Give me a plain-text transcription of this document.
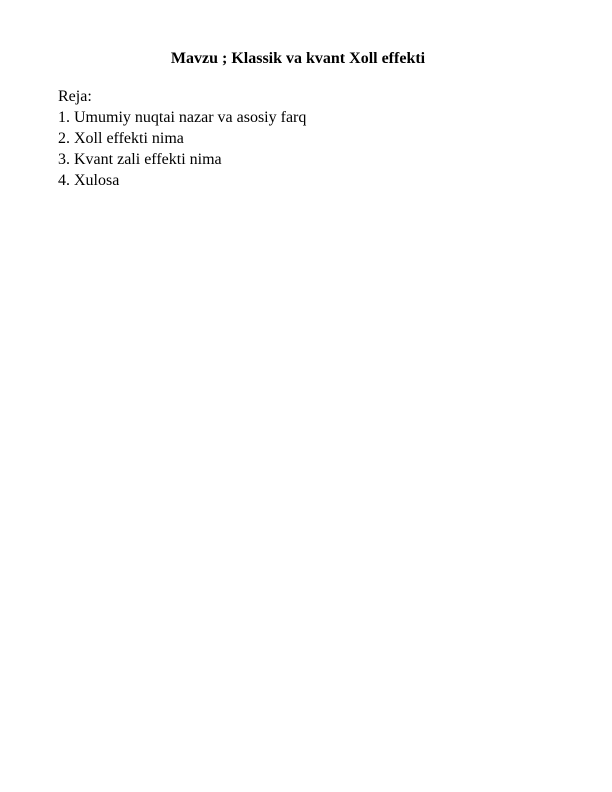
Mavzu ; Klassik va kvant Xoll effekti
Reja:
1. Umumiy nuqtai nazar va asosiy farq
2. Xoll effekti nima
3. Kvant zali effekti nima
4. Xulosa
